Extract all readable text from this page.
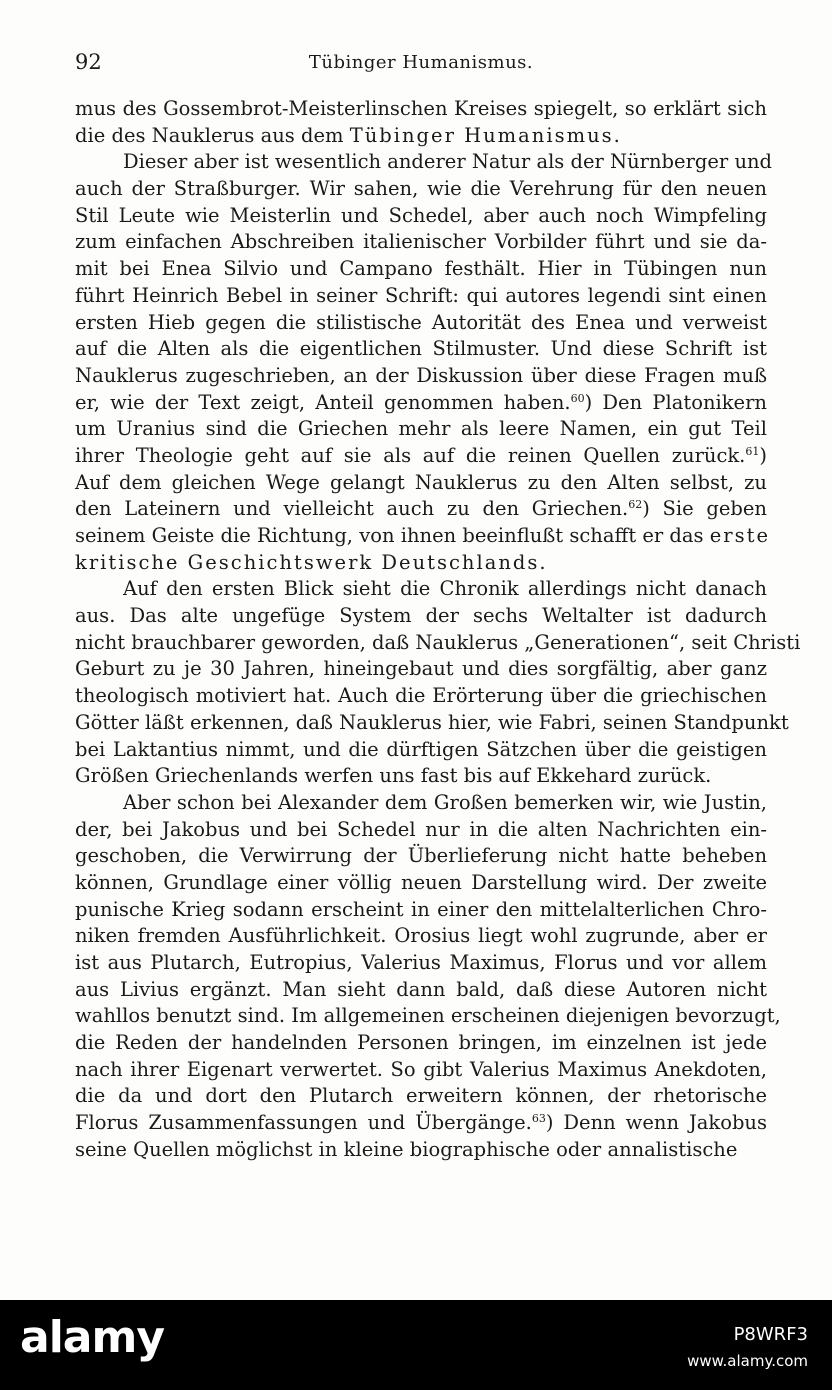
92	Tübinger Humanismus.
mus des Gossembrot-Meisterlinschen Kreises spiegelt, so erklärt sich
die des Nauklerus aus dem Tübinger Humanismus.
Dieser aber ist wesentlich anderer Natur als der Nürnberger und
auch der Straßburger. Wir sahen, wie die Verehrung für den neuen
Stil Leute wie Meisterlin und Schedel, aber auch noch Wimpfeling
zum einfachen Abschreiben italienischer Vorbilder führt und sie da-
mit bei Enea Silvio und Campano festhält. Hier in Tübingen nun
führt Heinrich Bebel in seiner Schrift: qui autores legendi sint einen
ersten Hieb gegen die stilistische Autorität des Enea und verweist
auf die Alten als die eigentlichen Stilmuster. Und diese Schrift ist
Nauklerus zugeschrieben, an der Diskussion über diese Fragen muß
er, wie der Text zeigt, Anteil genommen haben.$^{60}$) Den Platonikern
um Uranius sind die Griechen mehr als leere Namen, ein gut Teil
ihrer Theologie geht auf sie als auf die reinen Quellen zurück.$^{61}$)
Auf dem gleichen Wege gelangt Nauklerus zu den Alten selbst, zu
den Lateinern und vielleicht auch zu den Griechen.$^{62}$) Sie geben
seinem Geiste die Richtung, von ihnen beeinflußt schafft er das erste
kritische Geschichtswerk Deutschlands.
Auf den ersten Blick sieht die Chronik allerdings nicht danach
aus. Das alte ungefüge System der sechs Weltalter ist dadurch
nicht brauchbarer geworden, daß Nauklerus „Generationen“, seit Christi
Geburt zu je 30 Jahren, hineingebaut und dies sorgfältig, aber ganz
theologisch motiviert hat. Auch die Erörterung über die griechischen
Götter läßt erkennen, daß Nauklerus hier, wie Fabri, seinen Standpunkt
bei Laktantius nimmt, und die dürftigen Sätzchen über die geistigen
Größen Griechenlands werfen uns fast bis auf Ekkehard zurück.
Aber schon bei Alexander dem Großen bemerken wir, wie Justin,
der, bei Jakobus und bei Schedel nur in die alten Nachrichten ein-
geschoben, die Verwirrung der Überlieferung nicht hatte beheben
können, Grundlage einer völlig neuen Darstellung wird. Der zweite
punische Krieg sodann erscheint in einer den mittelalterlichen Chro-
niken fremden Ausführlichkeit. Orosius liegt wohl zugrunde, aber er
ist aus Plutarch, Eutropius, Valerius Maximus, Florus und vor allem
aus Livius ergänzt. Man sieht dann bald, daß diese Autoren nicht
wahllos benutzt sind. Im allgemeinen erscheinen diejenigen bevorzugt,
die Reden der handelnden Personen bringen, im einzelnen ist jede
nach ihrer Eigenart verwertet. So gibt Valerius Maximus Anekdoten,
die da und dort den Plutarch erweitern können, der rhetorische
Florus Zusammenfassungen und Übergänge.$^{63}$) Denn wenn Jakobus
seine Quellen möglichst in kleine biographische oder annalistische
alamy	P8WRF3
www.alamy.com
